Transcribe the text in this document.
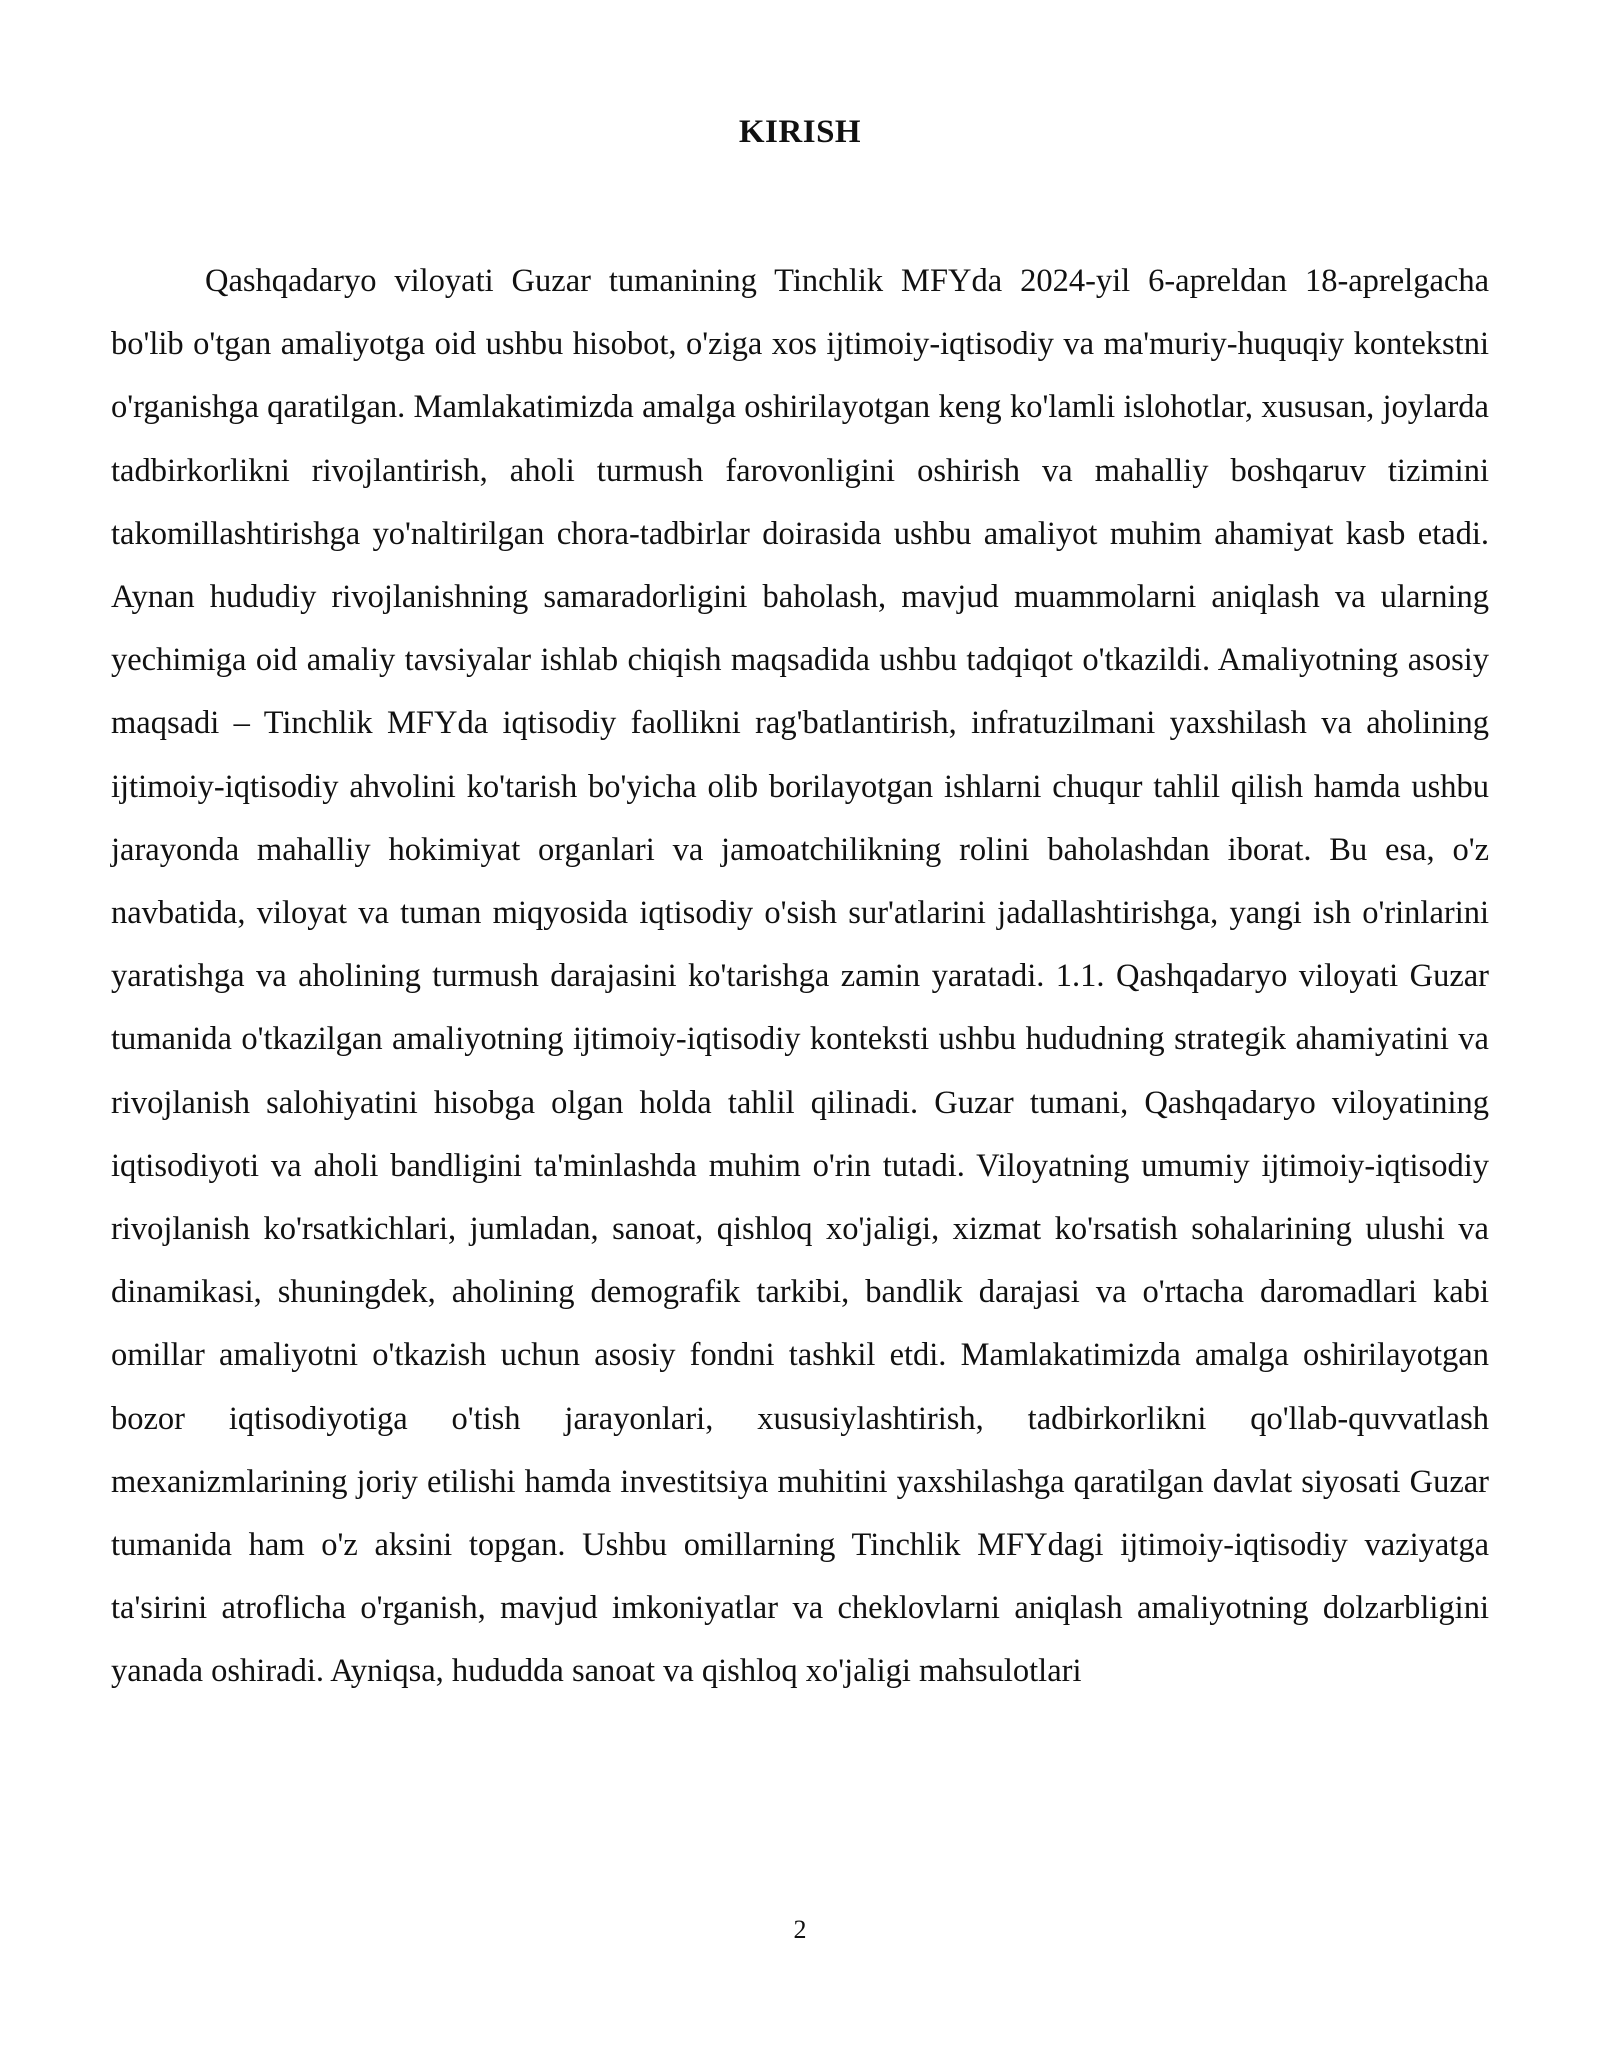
KIRISH

Qashqadaryo viloyati Guzar tumanining Tinchlik MFYda 2024-yil 6-apreldan 18-aprelgacha bo'lib o'tgan amaliyotga oid ushbu hisobot, o'ziga xos ijtimoiy-iqtisodiy va ma'muriy-huquqiy kontekstni o'rganishga qaratilgan. Mamlakatimizda amalga oshirilayotgan keng ko'lamli islohotlar, xususan, joylarda tadbirkorlikni rivojlantirish, aholi turmush farovonligini oshirish va mahalliy boshqaruv tizimini takomillashtirishga yo'naltirilgan chora-tadbirlar doirasida ushbu amaliyot muhim ahamiyat kasb etadi. Aynan hududiy rivojlanishning samaradorligini baholash, mavjud muammolarni aniqlash va ularning yechimiga oid amaliy tavsiyalar ishlab chiqish maqsadida ushbu tadqiqot o'tkazildi. Amaliyotning asosiy maqsadi – Tinchlik MFYda iqtisodiy faollikni rag'batlantirish, infratuzilmani yaxshilash va aholining ijtimoiy-iqtisodiy ahvolini ko'tarish bo'yicha olib borilayotgan ishlarni chuqur tahlil qilish hamda ushbu jarayonda mahalliy hokimiyat organlari va jamoatchilikning rolini baholashdan iborat. Bu esa, o'z navbatida, viloyat va tuman miqyosida iqtisodiy o'sish sur'atlarini jadallashtirishga, yangi ish o'rinlarini yaratishga va aholining turmush darajasini ko'tarishga zamin yaratadi. 1.1. Qashqadaryo viloyati Guzar tumanida o'tkazilgan amaliyotning ijtimoiy-iqtisodiy konteksti ushbu hududning strategik ahamiyatini va rivojlanish salohiyatini hisobga olgan holda tahlil qilinadi. Guzar tumani, Qashqadaryo viloyatining iqtisodiyoti va aholi bandligini ta'minlashda muhim o'rin tutadi. Viloyatning umumiy ijtimoiy-iqtisodiy rivojlanish ko'rsatkichlari, jumladan, sanoat, qishloq xo'jaligi, xizmat ko'rsatish sohalarining ulushi va dinamikasi, shuningdek, aholining demografik tarkibi, bandlik darajasi va o'rtacha daromadlari kabi omillar amaliyotni o'tkazish uchun asosiy fondni tashkil etdi. Mamlakatimizda amalga oshirilayotgan bozor iqtisodiyotiga o'tish jarayonlari, xususiylashtirish, tadbirkorlikni qo'llab-quvvatlash mexanizmlarining joriy etilishi hamda investitsiya muhitini yaxshilashga qaratilgan davlat siyosati Guzar tumanida ham o'z aksini topgan. Ushbu omillarning Tinchlik MFYdagi ijtimoiy-iqtisodiy vaziyatga ta'sirini atroflicha o'rganish, mavjud imkoniyatlar va cheklovlarni aniqlash amaliyotning dolzarbligini yanada oshiradi. Ayniqsa, hududda sanoat va qishloq xo'jaligi mahsulotlari

2
